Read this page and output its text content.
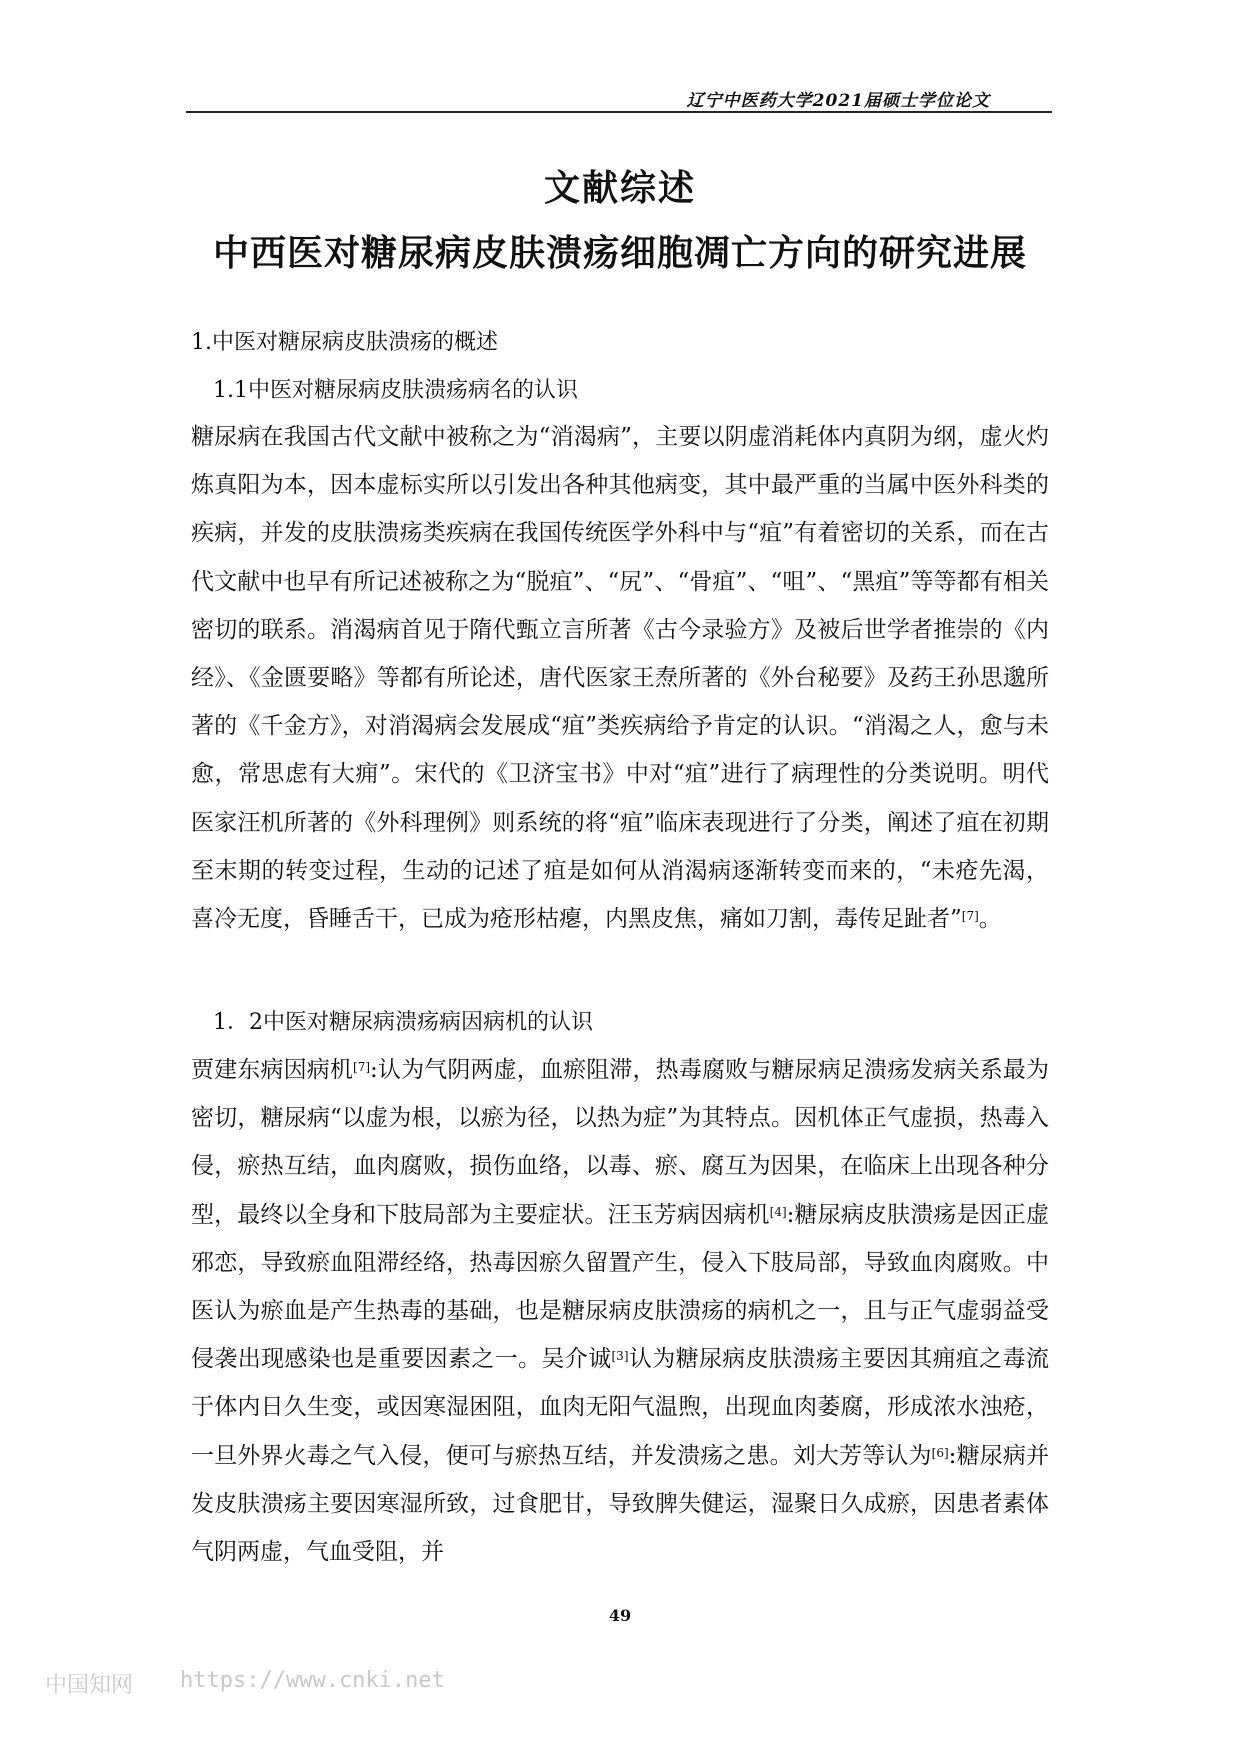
辽宁中医药大学2021届硕士学位论文
文献综述
中西医对糖尿病皮肤溃疡细胞凋亡方向的研究进展
1.中医对糖尿病皮肤溃疡的概述
1.1中医对糖尿病皮肤溃疡病名的认识

糖尿病在我国古代文献中被称之为“消渴病”，主要以阴虚消耗体内真阴为纲，虚火灼炼真阳为本，因本虚标实所以引发出各种其他病变，其中最严重的当属中医外科类的疾病，并发的皮肤溃疡类疾病在我国传统医学外科中与“疽”有着密切的关系，而在古代文献中也早有所记述被称之为“脱疽”、“尻”、“骨疽”、“咀”、“黑疽”等等都有相关密切的联系。消渴病首见于隋代甄立言所著《古今录验方》及被后世学者推崇的《内经》、《金匮要略》等都有所论述，唐代医家王焘所著的《外台秘要》及药王孙思邈所著的《千金方》，对消渴病会发展成“疽”类疾病给予肯定的认识。“消渴之人，愈与未愈，常思虑有大痈”。宋代的《卫济宝书》中对“疽”进行了病理性的分类说明。明代医家汪机所著的《外科理例》则系统的将“疽”临床表现进行了分类，阐述了疽在初期至末期的转变过程，生动的记述了疽是如何从消渴病逐渐转变而来的，“未疮先渴，喜冷无度，昏睡舌干，已成为疮形枯瘪，内黑皮焦，痛如刀割，毒传足趾者”[7]。

1．2中医对糖尿病溃疡病因病机的认识

贾建东病因病机[7]:认为气阴两虚，血瘀阻滞，热毒腐败与糖尿病足溃疡发病关系最为密切，糖尿病“以虚为根，以瘀为径，以热为症”为其特点。因机体正气虚损，热毒入侵，瘀热互结，血肉腐败，损伤血络，以毒、瘀、腐互为因果，在临床上出现各种分型，最终以全身和下肢局部为主要症状。汪玉芳病因病机[4]:糖尿病皮肤溃疡是因正虚邪恋，导致瘀血阻滞经络，热毒因瘀久留置产生，侵入下肢局部，导致血肉腐败。中医认为瘀血是产生热毒的基础，也是糖尿病皮肤溃疡的病机之一，且与正气虚弱益受侵袭出现感染也是重要因素之一。吴介诚[3]认为糖尿病皮肤溃疡主要因其痈疽之毒流于体内日久生变，或因寒湿困阻，血肉无阳气温煦，出现血肉萎腐，形成浓水浊疮，一旦外界火毒之气入侵，便可与瘀热互结，并发溃疡之患。刘大芳等认为[6]:糖尿病并发皮肤溃疡主要因寒湿所致，过食肥甘，导致脾失健运，湿聚日久成瘀，因患者素体气阴两虚，气血受阻，并

49
中国知网 https://www.cnki.net
